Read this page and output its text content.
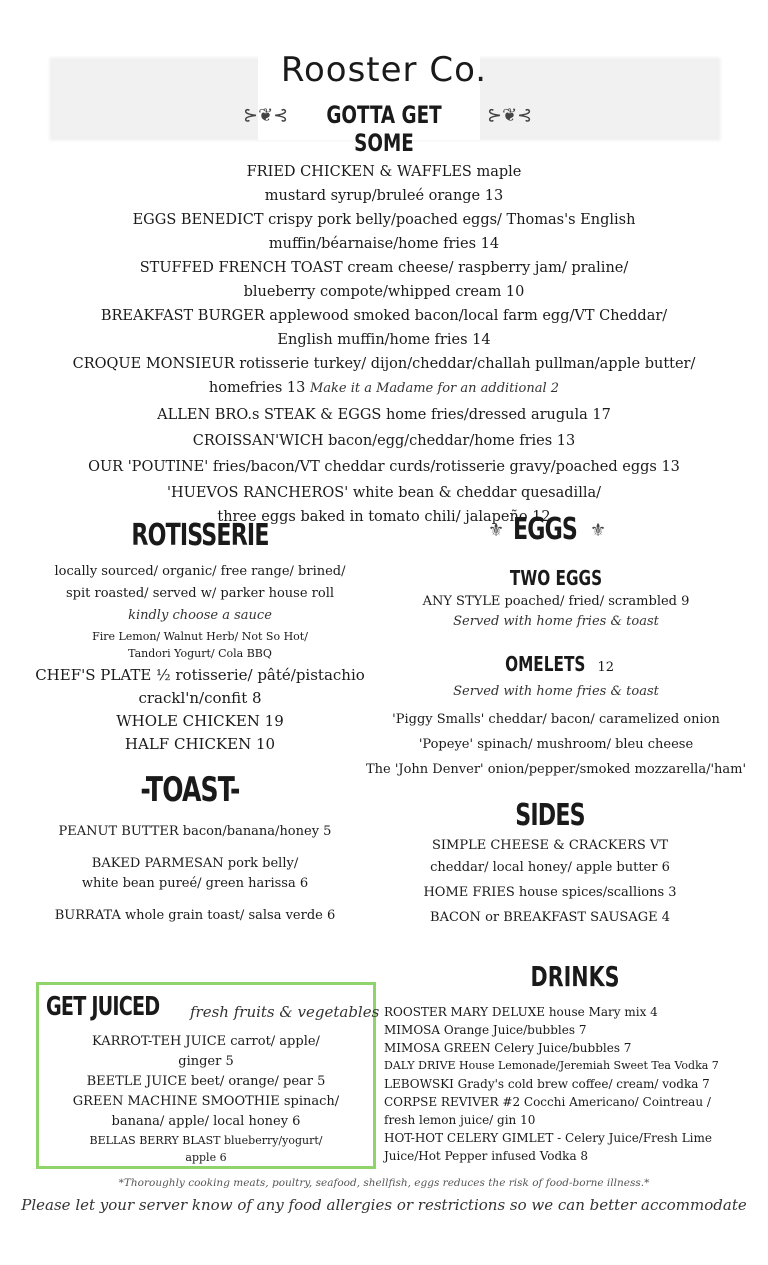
Rooster Co.
⊱❦⊰	GOTTA GET SOME
⊱❦⊰
FRIED CHICKEN & WAFFLES maple
mustard syrup/bruleé orange 13
EGGS BENEDICT crispy pork belly/poached eggs/ Thomas's English
muffin/béarnaise/home fries 14
STUFFED FRENCH TOAST cream cheese/ raspberry jam/ praline/
blueberry compote/whipped cream 10
BREAKFAST BURGER applewood smoked bacon/local farm egg/VT Cheddar/
English muffin/home fries 14
CROQUE MONSIEUR rotisserie turkey/ dijon/cheddar/challah pullman/apple butter/
homefries 13 Make it a Madame for an additional 2
ALLEN BRO.s STEAK & EGGS home fries/dressed arugula 17
CROISSAN'WICH bacon/egg/cheddar/home fries 13
OUR 'POUTINE' fries/bacon/VT cheddar curds/rotisserie gravy/poached eggs 13
'HUEVOS RANCHEROS' white bean & cheddar quesadilla/
three eggs baked in tomato chili/ jalapeño 12
ROTISSERIE
locally sourced/ organic/ free range/ brined/
spit roasted/ served w/ parker house roll
kindly choose a sauce
Fire Lemon/ Walnut Herb/ Not So Hot/
Tandori Yogurt/ Cola BBQ
CHEF'S PLATE ½ rotisserie/ pâté/pistachio
crackl'n/confit 8
WHOLE CHICKEN 19
HALF CHICKEN 10
⚜ EGGS ⚜
TWO EGGS
ANY STYLE poached/ fried/ scrambled 9
Served with home fries & toast
OMELETS 12
Served with home fries & toast
'Piggy Smalls' cheddar/ bacon/ caramelized onion
'Popeye' spinach/ mushroom/ bleu cheese
The 'John Denver' onion/pepper/smoked mozzarella/'ham'
-TOAST-
PEANUT BUTTER bacon/banana/honey 5
BAKED PARMESAN pork belly/
white bean pureé/ green harissa 6
BURRATA whole grain toast/ salsa verde 6
SIDES
SIMPLE CHEESE & CRACKERS VT
cheddar/ local honey/ apple butter 6
HOME FRIES house spices/scallions 3
BACON or BREAKFAST SAUSAGE 4
GET JUICED fresh fruits & vegetables
KARROT-TEH JUICE carrot/ apple/
ginger 5
BEETLE JUICE beet/ orange/ pear 5
GREEN MACHINE SMOOTHIE spinach/
banana/ apple/ local honey 6
BELLAS BERRY BLAST blueberry/yogurt/
apple 6
DRINKS
ROOSTER MARY DELUXE house Mary mix 4
MIMOSA Orange Juice/bubbles 7
MIMOSA GREEN Celery Juice/bubbles 7
DALY DRIVE House Lemonade/Jeremiah Sweet Tea Vodka 7
LEBOWSKI Grady's cold brew coffee/ cream/ vodka 7
CORPSE REVIVER #2 Cocchi Americano/ Cointreau /
fresh lemon juice/ gin 10
HOT-HOT CELERY GIMLET - Celery Juice/Fresh Lime
Juice/Hot Pepper infused Vodka 8
*Thoroughly cooking meats, poultry, seafood, shellfish, eggs reduces the risk of food-borne illness.*
Please let your server know of any food allergies or restrictions so we can better accommodate
